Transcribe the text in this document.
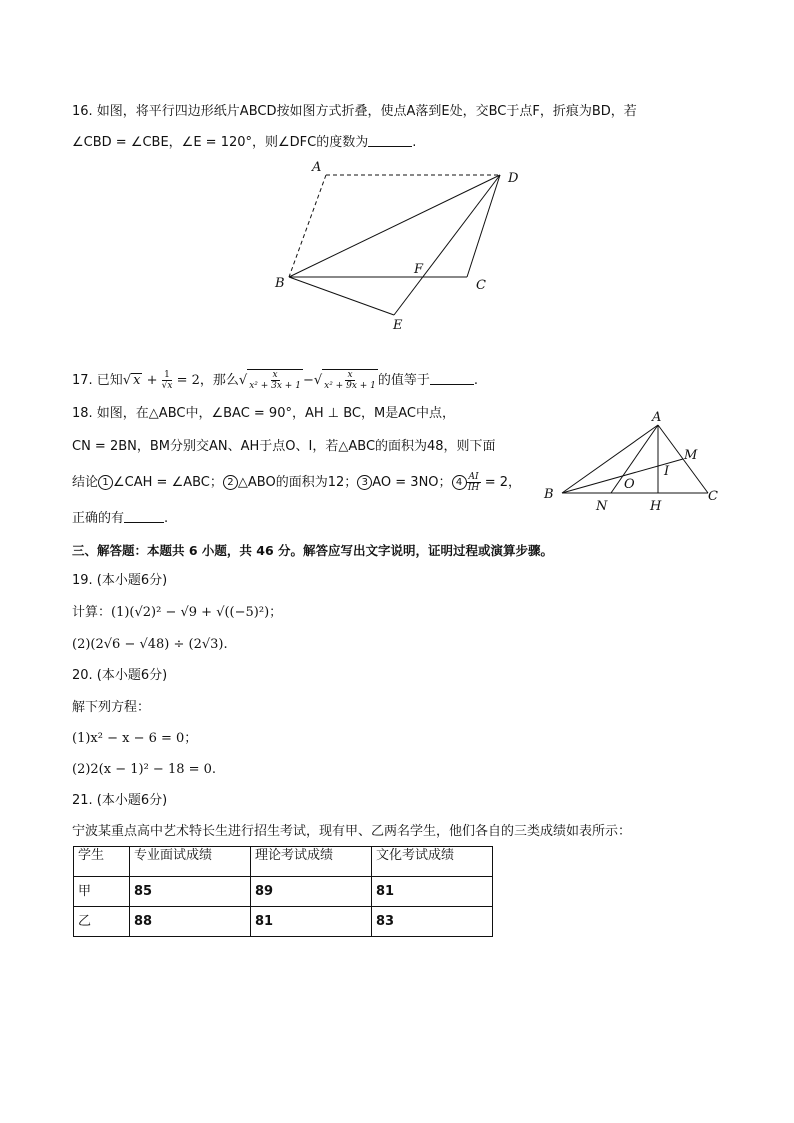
16. 如图，将平行四边形纸片ABCD按如图方式折叠，使点A落到E处，交BC于点F，折痕为BD，若
∠CBD = ∠CBE，∠E = 120°，则∠DFC的度数为	.
A
D
B
F
C
E
17. 已知√ $x + \frac{1}{√x} = 2$，那么√ $\frac{x}{\text{x² + 3x + 1}}$ −√ $\frac{x}{\text{x² + 9x + 1}}$ 的值等于	.
18. 如图，在△ABC中，∠BAC = 90°，AH ⊥ BC，M是AC中点，
CN = 2BN，BM分别交AN、AH于点O、I，若△ABC的面积为48，则下面
结论 1 ∠CAH = ∠ABC； 2 △ABO的面积为12； 3 AO = 3NO； $4 \frac{AI}{IH} = 2$，
正确的有	.
A
M
I
O
B	C
N	H
三、解答题：本题共 6 小题，共 46 分。解答应写出文字说明，证明过程或演算步骤。
19. (本小题6分)
计算：(1)(√2)² − √9 + √((−5)²)；
(2)(2√6 − √48) ÷ (2√3).
20. (本小题6分)
解下列方程：
(1)x² − x − 6 = 0；
(2)2(x − 1)² − 18 = 0.
21. (本小题6分)
宁波某重点高中艺术特长生进行招生考试，现有甲、乙两名学生，他们各自的三类成绩如表所示：
学生	专业面试成绩	理论考试成绩	文化考试成绩
甲	85	89	81
乙	88	81	83
